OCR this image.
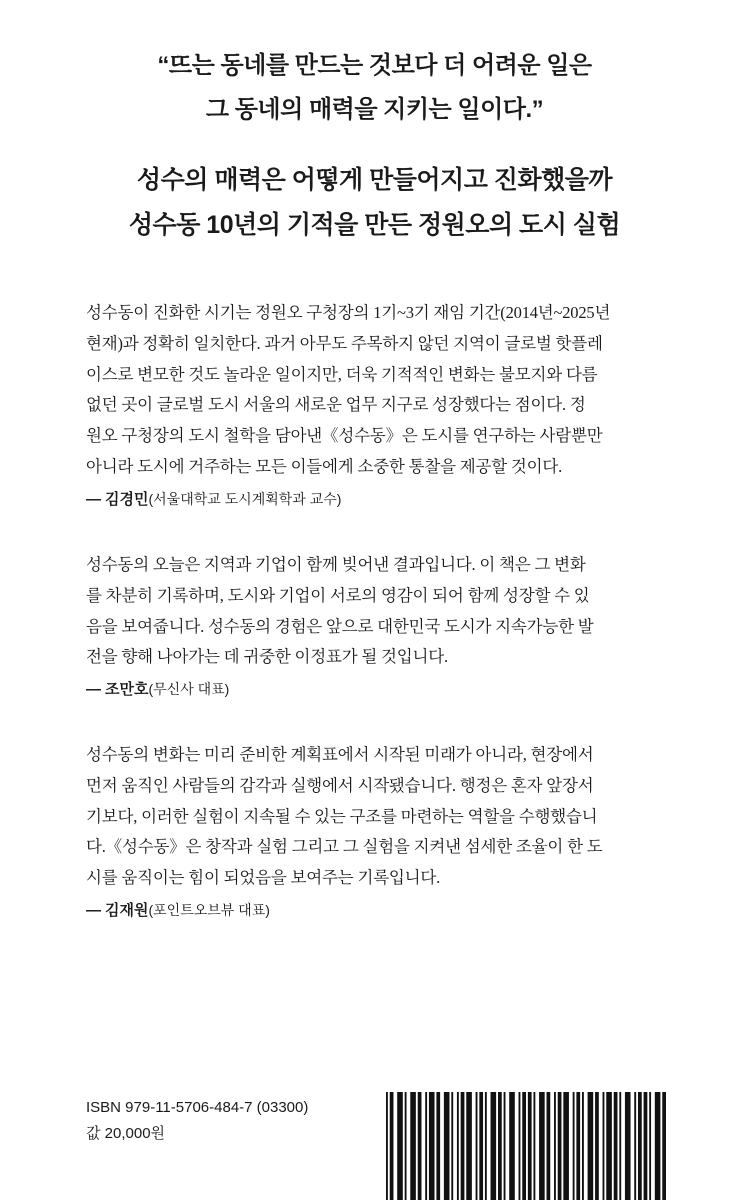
“뜨는 동네를 만드는 것보다 더 어려운 일은
그 동네의 매력을 지키는 일이다.”
성수의 매력은 어떻게 만들어지고 진화했을까
성수동 10년의 기적을 만든 정원오의 도시 실험

성수동이 진화한 시기는 정원오 구청장의 1기~3기 재임 기간(2014년~2025년
현재)과 정확히 일치한다. 과거 아무도 주목하지 않던 지역이 글로벌 핫플레
이스로 변모한 것도 놀라운 일이지만, 더욱 기적적인 변화는 불모지와 다름
없던 곳이 글로벌 도시 서울의 새로운 업무 지구로 성장했다는 점이다. 정
원오 구청장의 도시 철학을 담아낸《성수동》은 도시를 연구하는 사람뿐만
아니라 도시에 거주하는 모든 이들에게 소중한 통찰을 제공할 것이다.

— 김경민(서울대학교 도시계획학과 교수)

성수동의 오늘은 지역과 기업이 함께 빚어낸 결과입니다. 이 책은 그 변화
를 차분히 기록하며, 도시와 기업이 서로의 영감이 되어 함께 성장할 수 있
음을 보여줍니다. 성수동의 경험은 앞으로 대한민국 도시가 지속가능한 발
전을 향해 나아가는 데 귀중한 이정표가 될 것입니다.

— 조만호(무신사 대표)

성수동의 변화는 미리 준비한 계획표에서 시작된 미래가 아니라, 현장에서
먼저 움직인 사람들의 감각과 실행에서 시작됐습니다. 행정은 혼자 앞장서
기보다, 이러한 실험이 지속될 수 있는 구조를 마련하는 역할을 수행했습니
다.《성수동》은 창작과 실험 그리고 그 실험을 지켜낸 섬세한 조율이 한 도
시를 움직이는 힘이 되었음을 보여주는 기록입니다.

— 김재원(포인트오브뷰 대표)
ISBN 979-11-5706-484-7 (03300)
값 20,000원
